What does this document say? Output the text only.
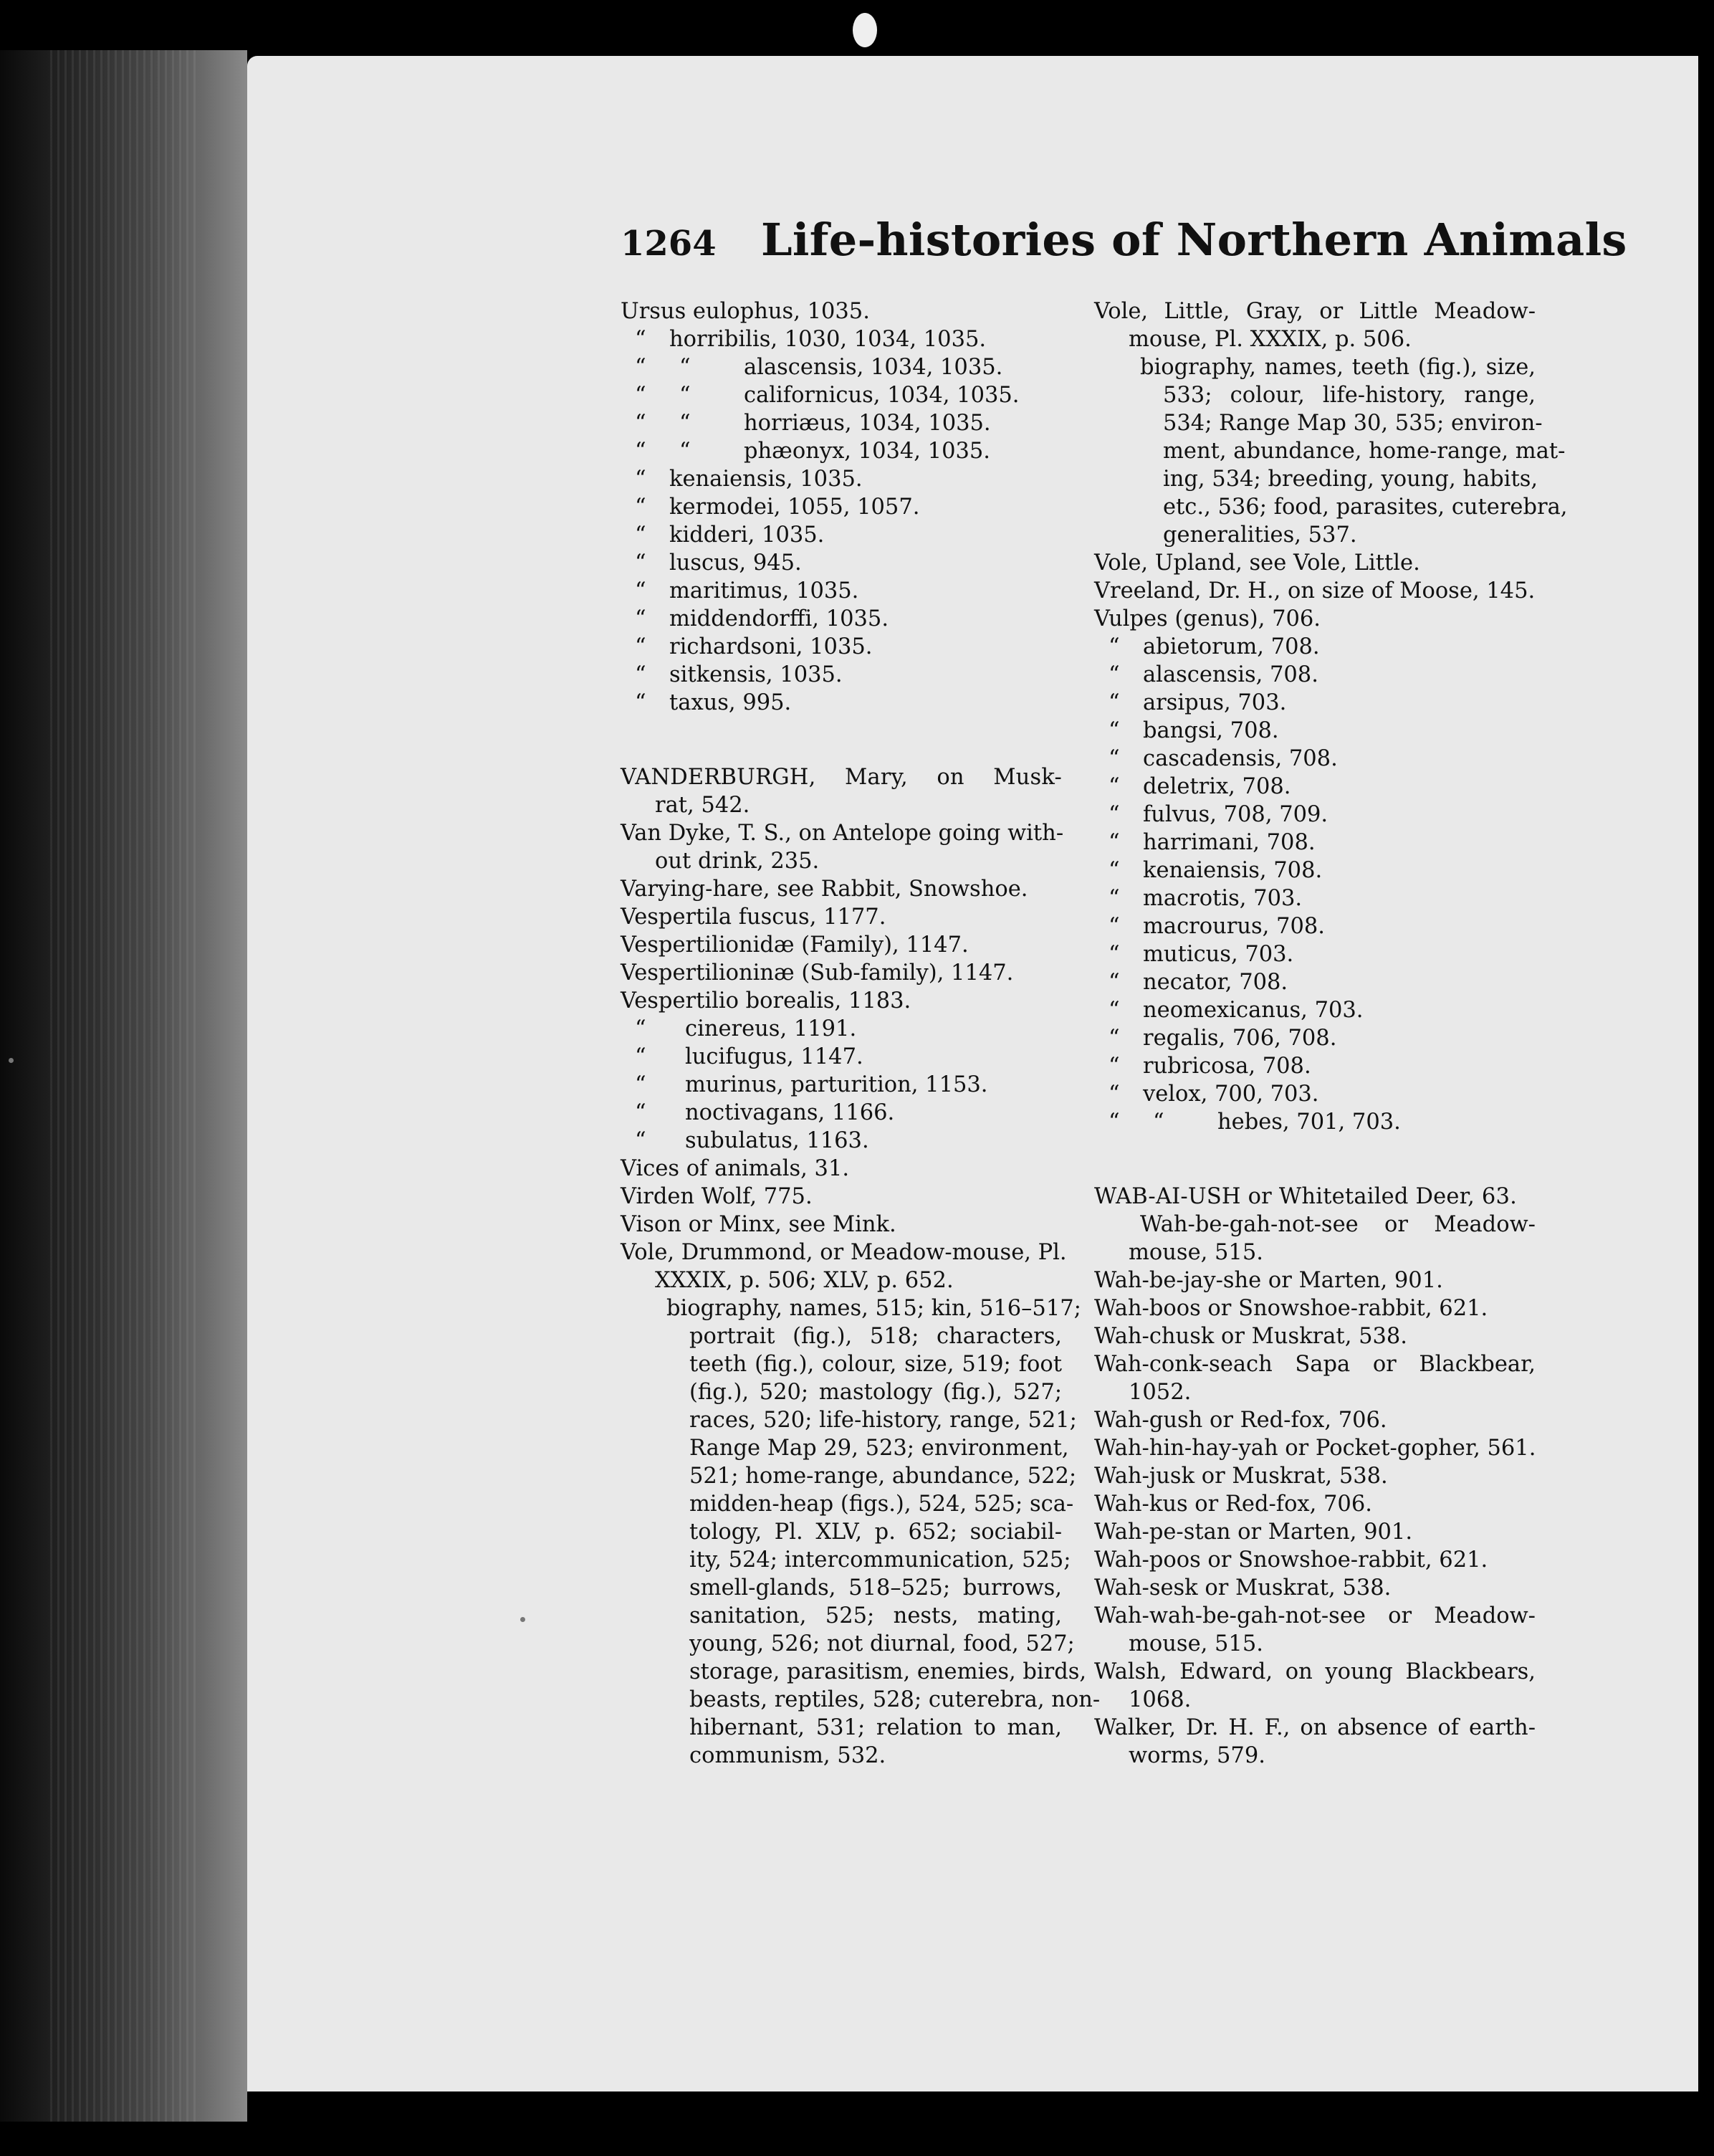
1264 Life-histories of Northern Animals
Ursus eulophus, 1035.
“ horribilis, 1030, 1034, 1035.
“ “ alascensis, 1034, 1035.
“ “ californicus, 1034, 1035.
“ “ horriæus, 1034, 1035.
“ “ phæonyx, 1034, 1035.
“ kenaiensis, 1035.
“ kermodei, 1055, 1057.
“ kidderi, 1035.
“ luscus, 945.
“ maritimus, 1035.
“ middendorffi, 1035.
“ richardsoni, 1035.
“ sitkensis, 1035.
“ taxus, 995.
VANDERBURGH, Mary, on Musk-
rat, 542.
Van Dyke, T. S., on Antelope going with-
out drink, 235.
Varying-hare, see Rabbit, Snowshoe.
Vespertila fuscus, 1177.
Vespertilionidæ (Family), 1147.
Vespertilioninæ (Sub-family), 1147.
Vespertilio borealis, 1183.
“ cinereus, 1191.
“ lucifugus, 1147.
“ murinus, parturition, 1153.
“ noctivagans, 1166.
“ subulatus, 1163.
Vices of animals, 31.
Virden Wolf, 775.
Vison or Minx, see Mink.
Vole, Drummond, or Meadow-mouse, Pl.
XXXIX, p. 506; XLV, p. 652.
biography, names, 515; kin, 516–517;
portrait (fig.), 518; characters,
teeth (fig.), colour, size, 519; foot
(fig.), 520; mastology (fig.), 527;
races, 520; life-history, range, 521;
Range Map 29, 523; environment,
521; home-range, abundance, 522;
midden-heap (figs.), 524, 525; sca-
tology, Pl. XLV, p. 652; sociabil-
ity, 524; intercommunication, 525;
smell-glands, 518–525; burrows,
sanitation, 525; nests, mating,
young, 526; not diurnal, food, 527;
storage, parasitism, enemies, birds,
beasts, reptiles, 528; cuterebra, non-
hibernant, 531; relation to man,
communism, 532.
Vole, Little, Gray, or Little Meadow-
mouse, Pl. XXXIX, p. 506.
biography, names, teeth (fig.), size,
533; colour, life-history, range,
534; Range Map 30, 535; environ-
ment, abundance, home-range, mat-
ing, 534; breeding, young, habits,
etc., 536; food, parasites, cuterebra,
generalities, 537.
Vole, Upland, see Vole, Little.
Vreeland, Dr. H., on size of Moose, 145.
Vulpes (genus), 706.
“ abietorum, 708.
“ alascensis, 708.
“ arsipus, 703.
“ bangsi, 708.
“ cascadensis, 708.
“ deletrix, 708.
“ fulvus, 708, 709.
“ harrimani, 708.
“ kenaiensis, 708.
“ macrotis, 703.
“ macrourus, 708.
“ muticus, 703.
“ necator, 708.
“ neomexicanus, 703.
“ regalis, 706, 708.
“ rubricosa, 708.
“ velox, 700, 703.
“ “ hebes, 701, 703.
WAB-AI-USH or Whitetailed Deer, 63.
Wah-be-gah-not-see or Meadow-
mouse, 515.
Wah-be-jay-she or Marten, 901.
Wah-boos or Snowshoe-rabbit, 621.
Wah-chusk or Muskrat, 538.
Wah-conk-seach Sapa or Blackbear,
1052.
Wah-gush or Red-fox, 706.
Wah-hin-hay-yah or Pocket-gopher, 561.
Wah-jusk or Muskrat, 538.
Wah-kus or Red-fox, 706.
Wah-pe-stan or Marten, 901.
Wah-poos or Snowshoe-rabbit, 621.
Wah-sesk or Muskrat, 538.
Wah-wah-be-gah-not-see or Meadow-
mouse, 515.
Walsh, Edward, on young Blackbears,
1068.
Walker, Dr. H. F., on absence of earth-
worms, 579.
